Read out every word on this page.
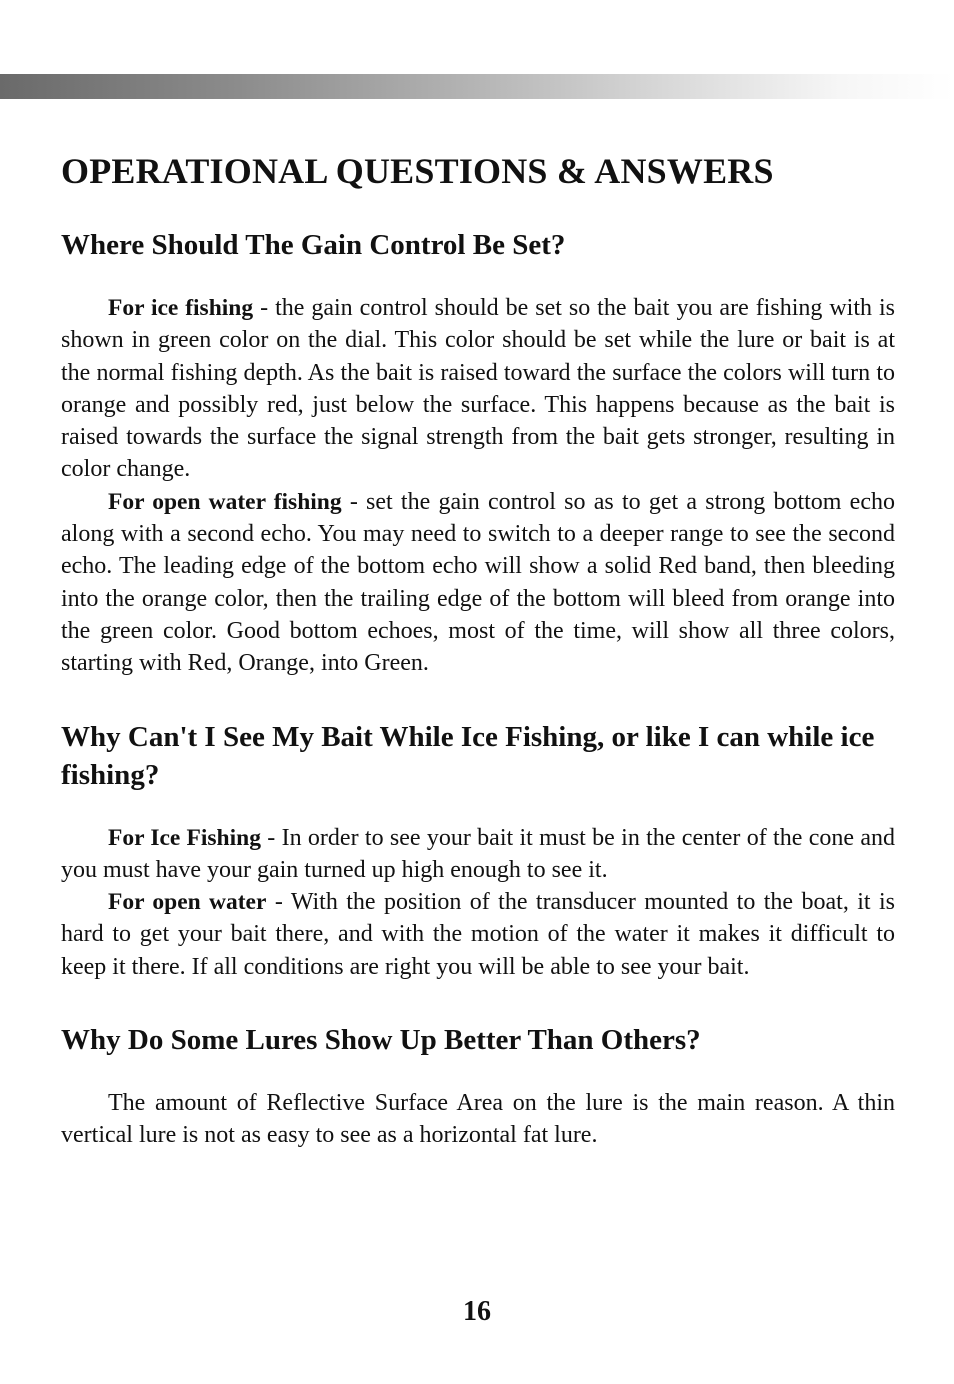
OPERATIONAL QUESTIONS & ANSWERS
Where Should The Gain Control Be Set?

For ice fishing - the gain control should be set so the bait you are fishing with is shown in green color on the dial. This color should be set while the lure or bait is at the normal fishing depth. As the bait is raised toward the surface the colors will turn to orange and possibly red, just below the surface. This happens because as the bait is raised towards the surface the signal strength from the bait gets stronger, resulting in color change.

For open water fishing - set the gain control so as to get a strong bottom echo along with a second echo. You may need to switch to a deeper range to see the second echo. The leading edge of the bottom echo will show a solid Red band, then bleeding into the orange color, then the trailing edge of the bottom will bleed from orange into the green color. Good bottom echoes, most of the time, will show all three colors, starting with Red, Orange, into Green.

Why Can't I See My Bait While Ice Fishing, or like I can while ice fishing?

For Ice Fishing - In order to see your bait it must be in the center of the cone and you must have your gain turned up high enough to see it.

For open water - With the position of the transducer mounted to the boat, it is hard to get your bait there, and with the motion of the water it makes it difficult to keep it there. If all conditions are right you will be able to see your bait.

Why Do Some Lures Show Up Better Than Others?

The amount of Reflective Surface Area on the lure is the main reason. A thin vertical lure is not as easy to see as a horizontal fat lure.

16
